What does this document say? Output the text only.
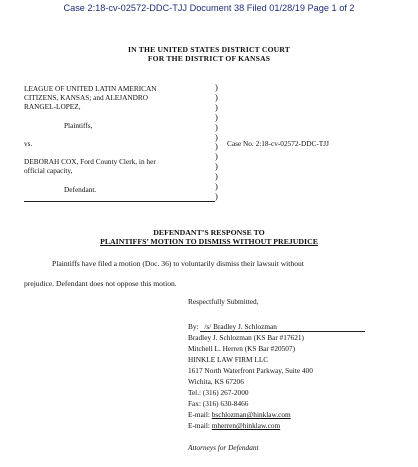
Case 2:18-cv-02572-DDC-TJJ Document 38 Filed 01/28/19 Page 1 of 2
IN THE UNITED STATES DISTRICT COURT
FOR THE DISTRICT OF KANSAS
LEAGUE OF UNITED LATIN AMERICAN
CITIZENS, KANSAS; and ALEJANDRO
RANGEL-LOPEZ,
Plaintiffs,
vs.	Case No. 2:18-cv-02572-DDC-TJJ
DEBORAH COX, Ford County Clerk, in her
official capacity,
Defendant.
)
)
)
)
)
)
)
)
)
)
)
)
DEFENDANT’S RESPONSE TO
PLAINTIFFS’ MOTION TO DISMISS WITHOUT PREJUDICE
Plaintiffs have filed a motion (Doc. 36) to voluntarily dismiss their lawsuit without
prejudice. Defendant does not oppose this motion.
Respectfully Submitted,
By: /s/ Bradley J. Schlozman
Bradley J. Schlozman (KS Bar #17621)
Mitchell L. Herren (KS Bar #20507)
HINKLE LAW FIRM LLC
1617 North Waterfront Parkway, Suite 400
Wichita, KS 67206
Tel.: (316) 267-2000
Fax: (316) 630-8466
E-mail: bschlozman@hinklaw.com
E-mail: mherren@hinklaw.com
Attorneys for Defendant
